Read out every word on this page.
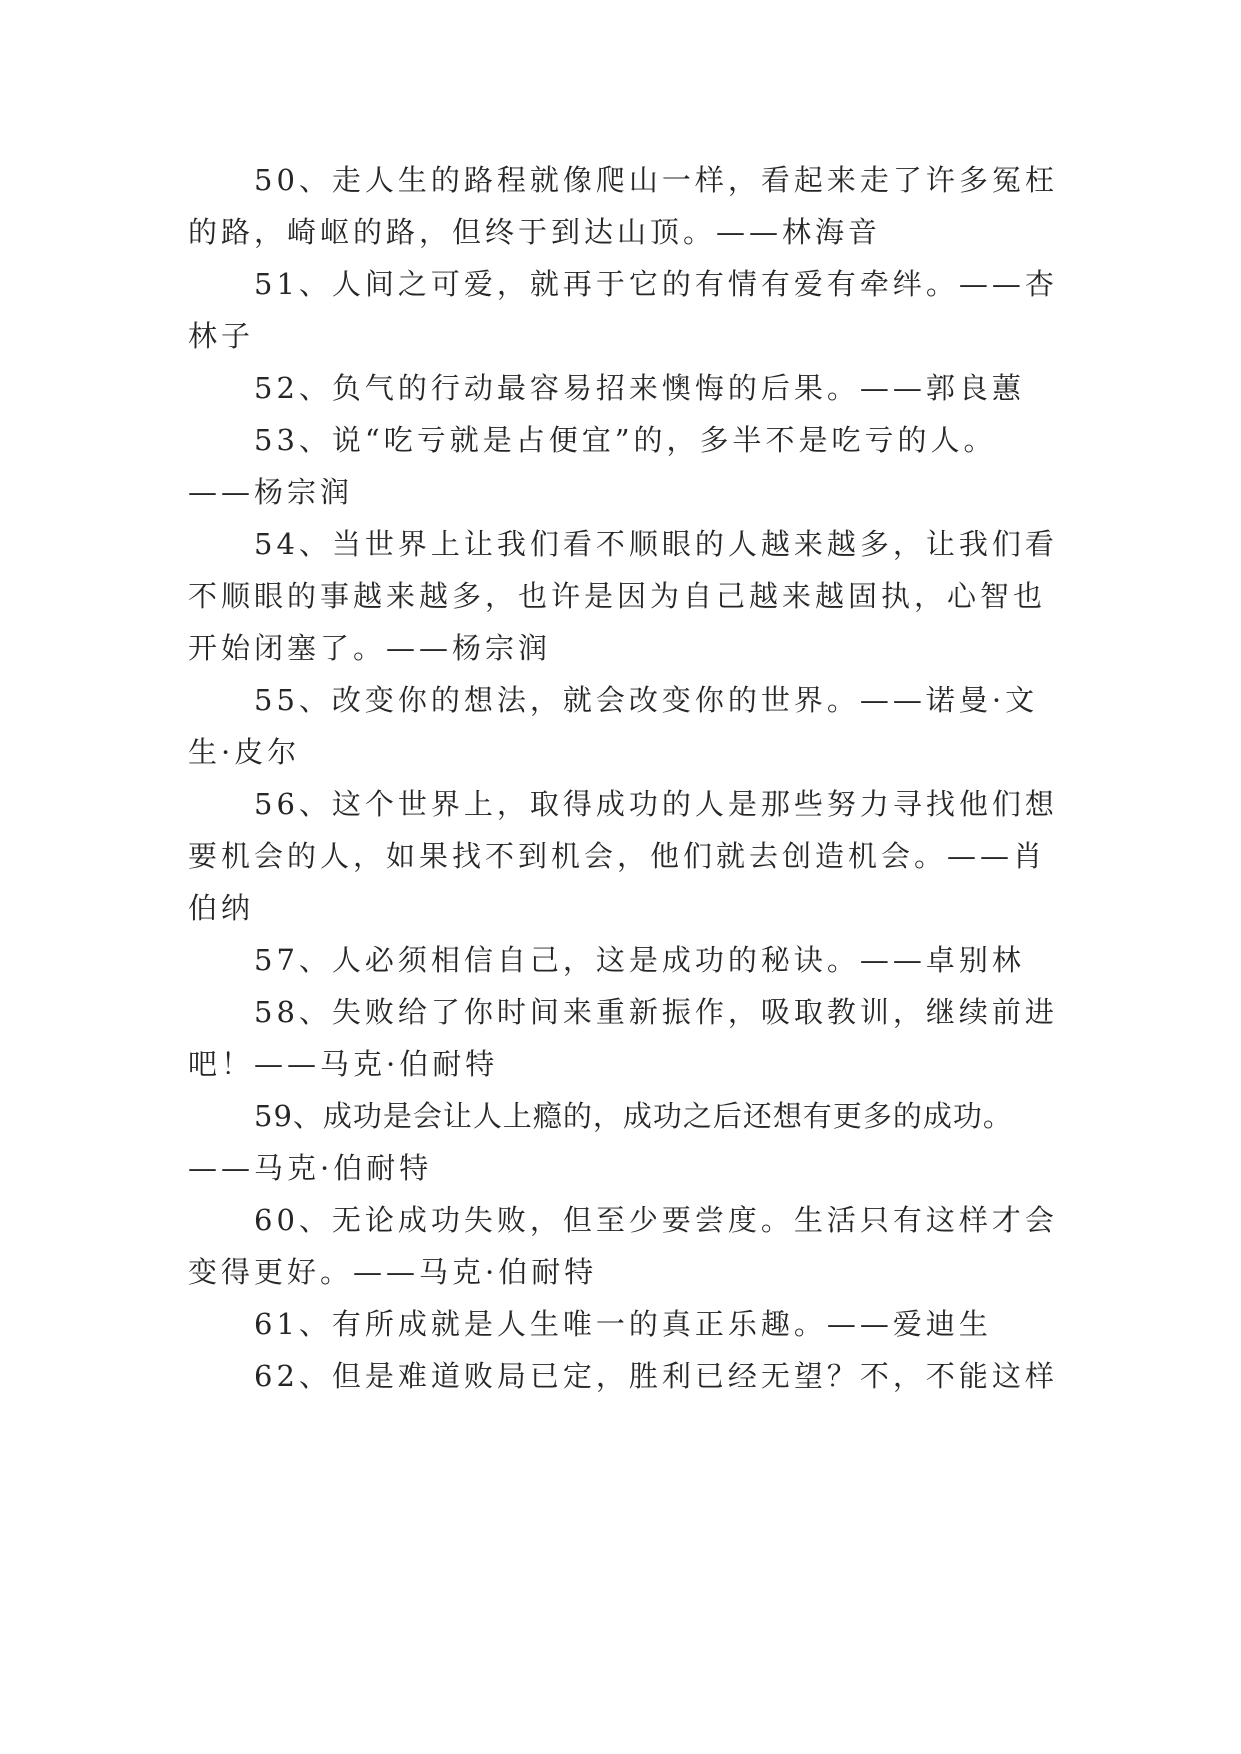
50、走人生的路程就像爬山一样，看起来走了许多冤枉
的路，崎岖的路，但终于到达山顶。——林海音
51、人间之可爱，就再于它的有情有爱有牵绊。——杏
林子
52、负气的行动最容易招来懊悔的后果。——郭良蕙
53、说“吃亏就是占便宜”的，多半不是吃亏的人。
——杨宗润
54、当世界上让我们看不顺眼的人越来越多，让我们看
不顺眼的事越来越多，也许是因为自己越来越固执，心智也
开始闭塞了。——杨宗润
55、改变你的想法，就会改变你的世界。——诺曼·文
生·皮尔
56、这个世界上，取得成功的人是那些努力寻找他们想
要机会的人，如果找不到机会，他们就去创造机会。——肖
伯纳
57、人必须相信自己，这是成功的秘诀。——卓别林
58、失败给了你时间来重新振作，吸取教训，继续前进
吧！——马克·伯耐特
59、成功是会让人上瘾的，成功之后还想有更多的成功。
——马克·伯耐特
60、无论成功失败，但至少要尝度。生活只有这样才会
变得更好。——马克·伯耐特
61、有所成就是人生唯一的真正乐趣。——爱迪生
62、但是难道败局已定，胜利已经无望？不，不能这样
